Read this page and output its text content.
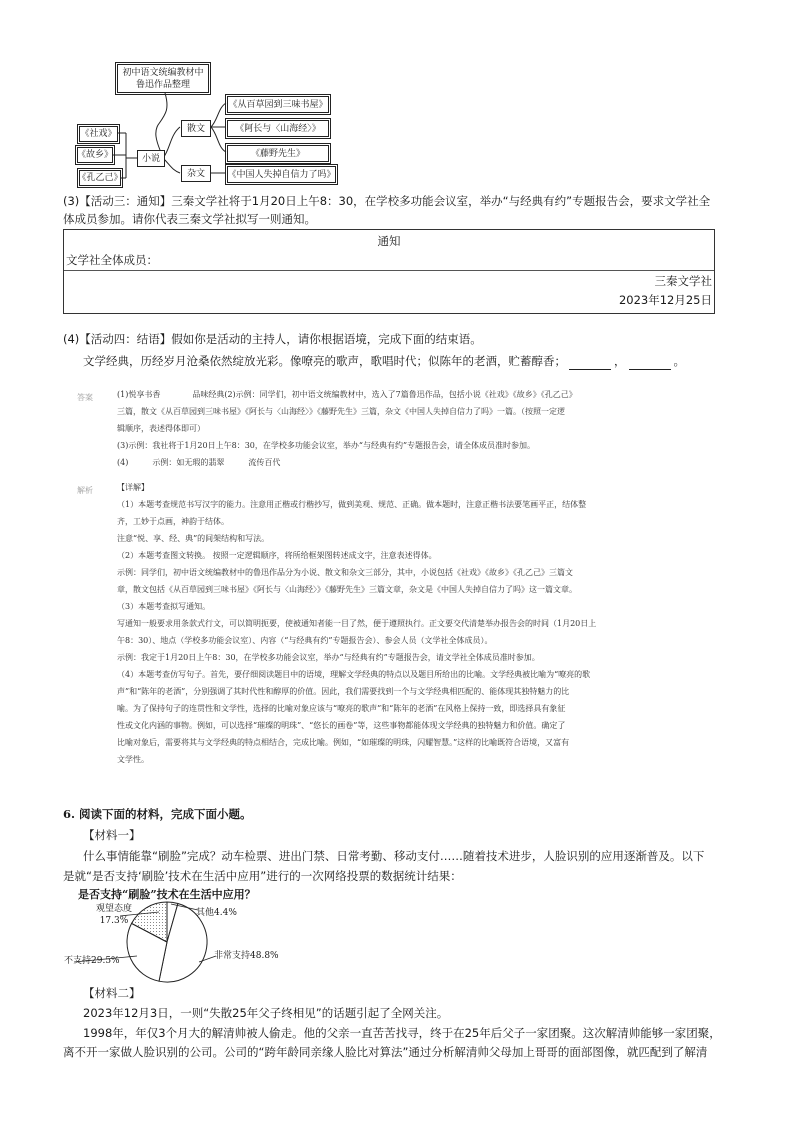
初中语文统编教材中
鲁迅作品整理
小说
散文
杂文
《社戏》
《故乡》
《孔乙己》
《从百草园到三味书屋》
《阿长与〈山海经〉》
《藤野先生》
《中国人失掉自信力了吗》
(3)【活动三：通知】三秦文学社将于1月20日上午8：30，在学校多功能会议室，举办“与经典有约”专题报告会，要求文学社全
体成员参加。请你代表三秦文学社拟写一则通知。
通知
文学社全体成员：
三秦文学社
2023年12月25日
(4)【活动四：结语】假如你是活动的主持人，请你根据语境，完成下面的结束语。
文学经典，历经岁月沧桑依然绽放光彩。像嘹亮的歌声，歌唱时代；似陈年的老酒，贮蓄醇香；	，	。
答案	(1)悦享书香　　　　品味经典(2)示例：同学们，初中语文统编教材中，选入了7篇鲁迅作品，包括小说《社戏》《故乡》《孔乙己》
三篇，散文《从百草园到三味书屋》《阿长与〈山海经〉》《藤野先生》三篇，杂文《中国人失掉自信力了吗》一篇。（按照一定逻
辑顺序，表述得体即可）
(3)示例：我社将于1月20日上午8：30，在学校多功能会议室，举办“与经典有约”专题报告会，请全体成员准时参加。
(4)　　　示例：如无瑕的翡翠　　　流传百代
解析	【详解】
（1）本题考查规范书写汉字的能力。注意用正楷或行楷抄写，做到美观、规范、正确。做本题时，注意正楷书法要笔画平正，结体整
齐，工妙于点画，神韵于结体。
注意“悦、享、经、典”的间架结构和写法。
（2）本题考查图文转换。 按照一定逻辑顺序，将所给框架图转述成文字，注意表述得体。
示例：同学们，初中语文统编教材中的鲁迅作品分为小说、散文和杂文三部分，其中，小说包括《社戏》《故乡》《孔乙己》三篇文
章，散文包括《从百草园到三味书屋》《阿长与〈山海经〉》《藤野先生》三篇文章，杂文是《中国人失掉自信力了吗》这一篇文章。
（3）本题考查拟写通知。
写通知一般要求用条款式行文，可以简明扼要，使被通知者能一目了然，便于遵照执行。正文要交代清楚举办报告会的时间（1月20日上
午8：30）、地点（学校多功能会议室）、内容（“与经典有约”专题报告会）、参会人员（文学社全体成员）。
示例：我定于1月20日上午8：30，在学校多功能会议室，举办“与经典有约”专题报告会，请文学社全体成员准时参加。
（4）本题考查仿写句子。首先，要仔细阅读题目中的语境，理解文学经典的特点以及题目所给出的比喻。文学经典被比喻为“嘹亮的歌
声”和“陈年的老酒”，分别强调了其时代性和醇厚的价值。因此，我们需要找到一个与文学经典相匹配的、能体现其独特魅力的比
喻。为了保持句子的连贯性和文学性，选择的比喻对象应该与“嘹亮的歌声”和“陈年的老酒”在风格上保持一致，即选择具有象征
性或文化内涵的事物。例如，可以选择“璀璨的明珠”、“悠长的画卷”等，这些事物都能体现文学经典的独特魅力和价值。确定了
比喻对象后，需要将其与文学经典的特点相结合，完成比喻。例如，“如璀璨的明珠，闪耀智慧。”这样的比喻既符合语境，又富有
文学性。
6. 阅读下面的材料，完成下面小题。
【材料一】
什么事情能靠“刷脸”完成？动车检票、进出门禁、日常考勤、移动支付……随着技术进步，人脸识别的应用逐渐普及。以下
是就“是否支持‘刷脸’技术在生活中应用”进行的一次网络投票的数据统计结果：
是否支持“刷脸”技术在生活中应用？
观望态度
17.3%
其他4.4%
不支持29.5%	非常支持48.8%
【材料二】
2023年12月3日，一则“失散25年父子终相见”的话题引起了全网关注。
1998年，年仅3个月大的解清帅被人偷走。他的父亲一直苦苦找寻，终于在25年后父子一家团聚。这次解清帅能够一家团聚，
离不开一家做人脸识别的公司。公司的“跨年龄同亲缘人脸比对算法”通过分析解清帅父母加上哥哥的面部图像，就匹配到了解清
